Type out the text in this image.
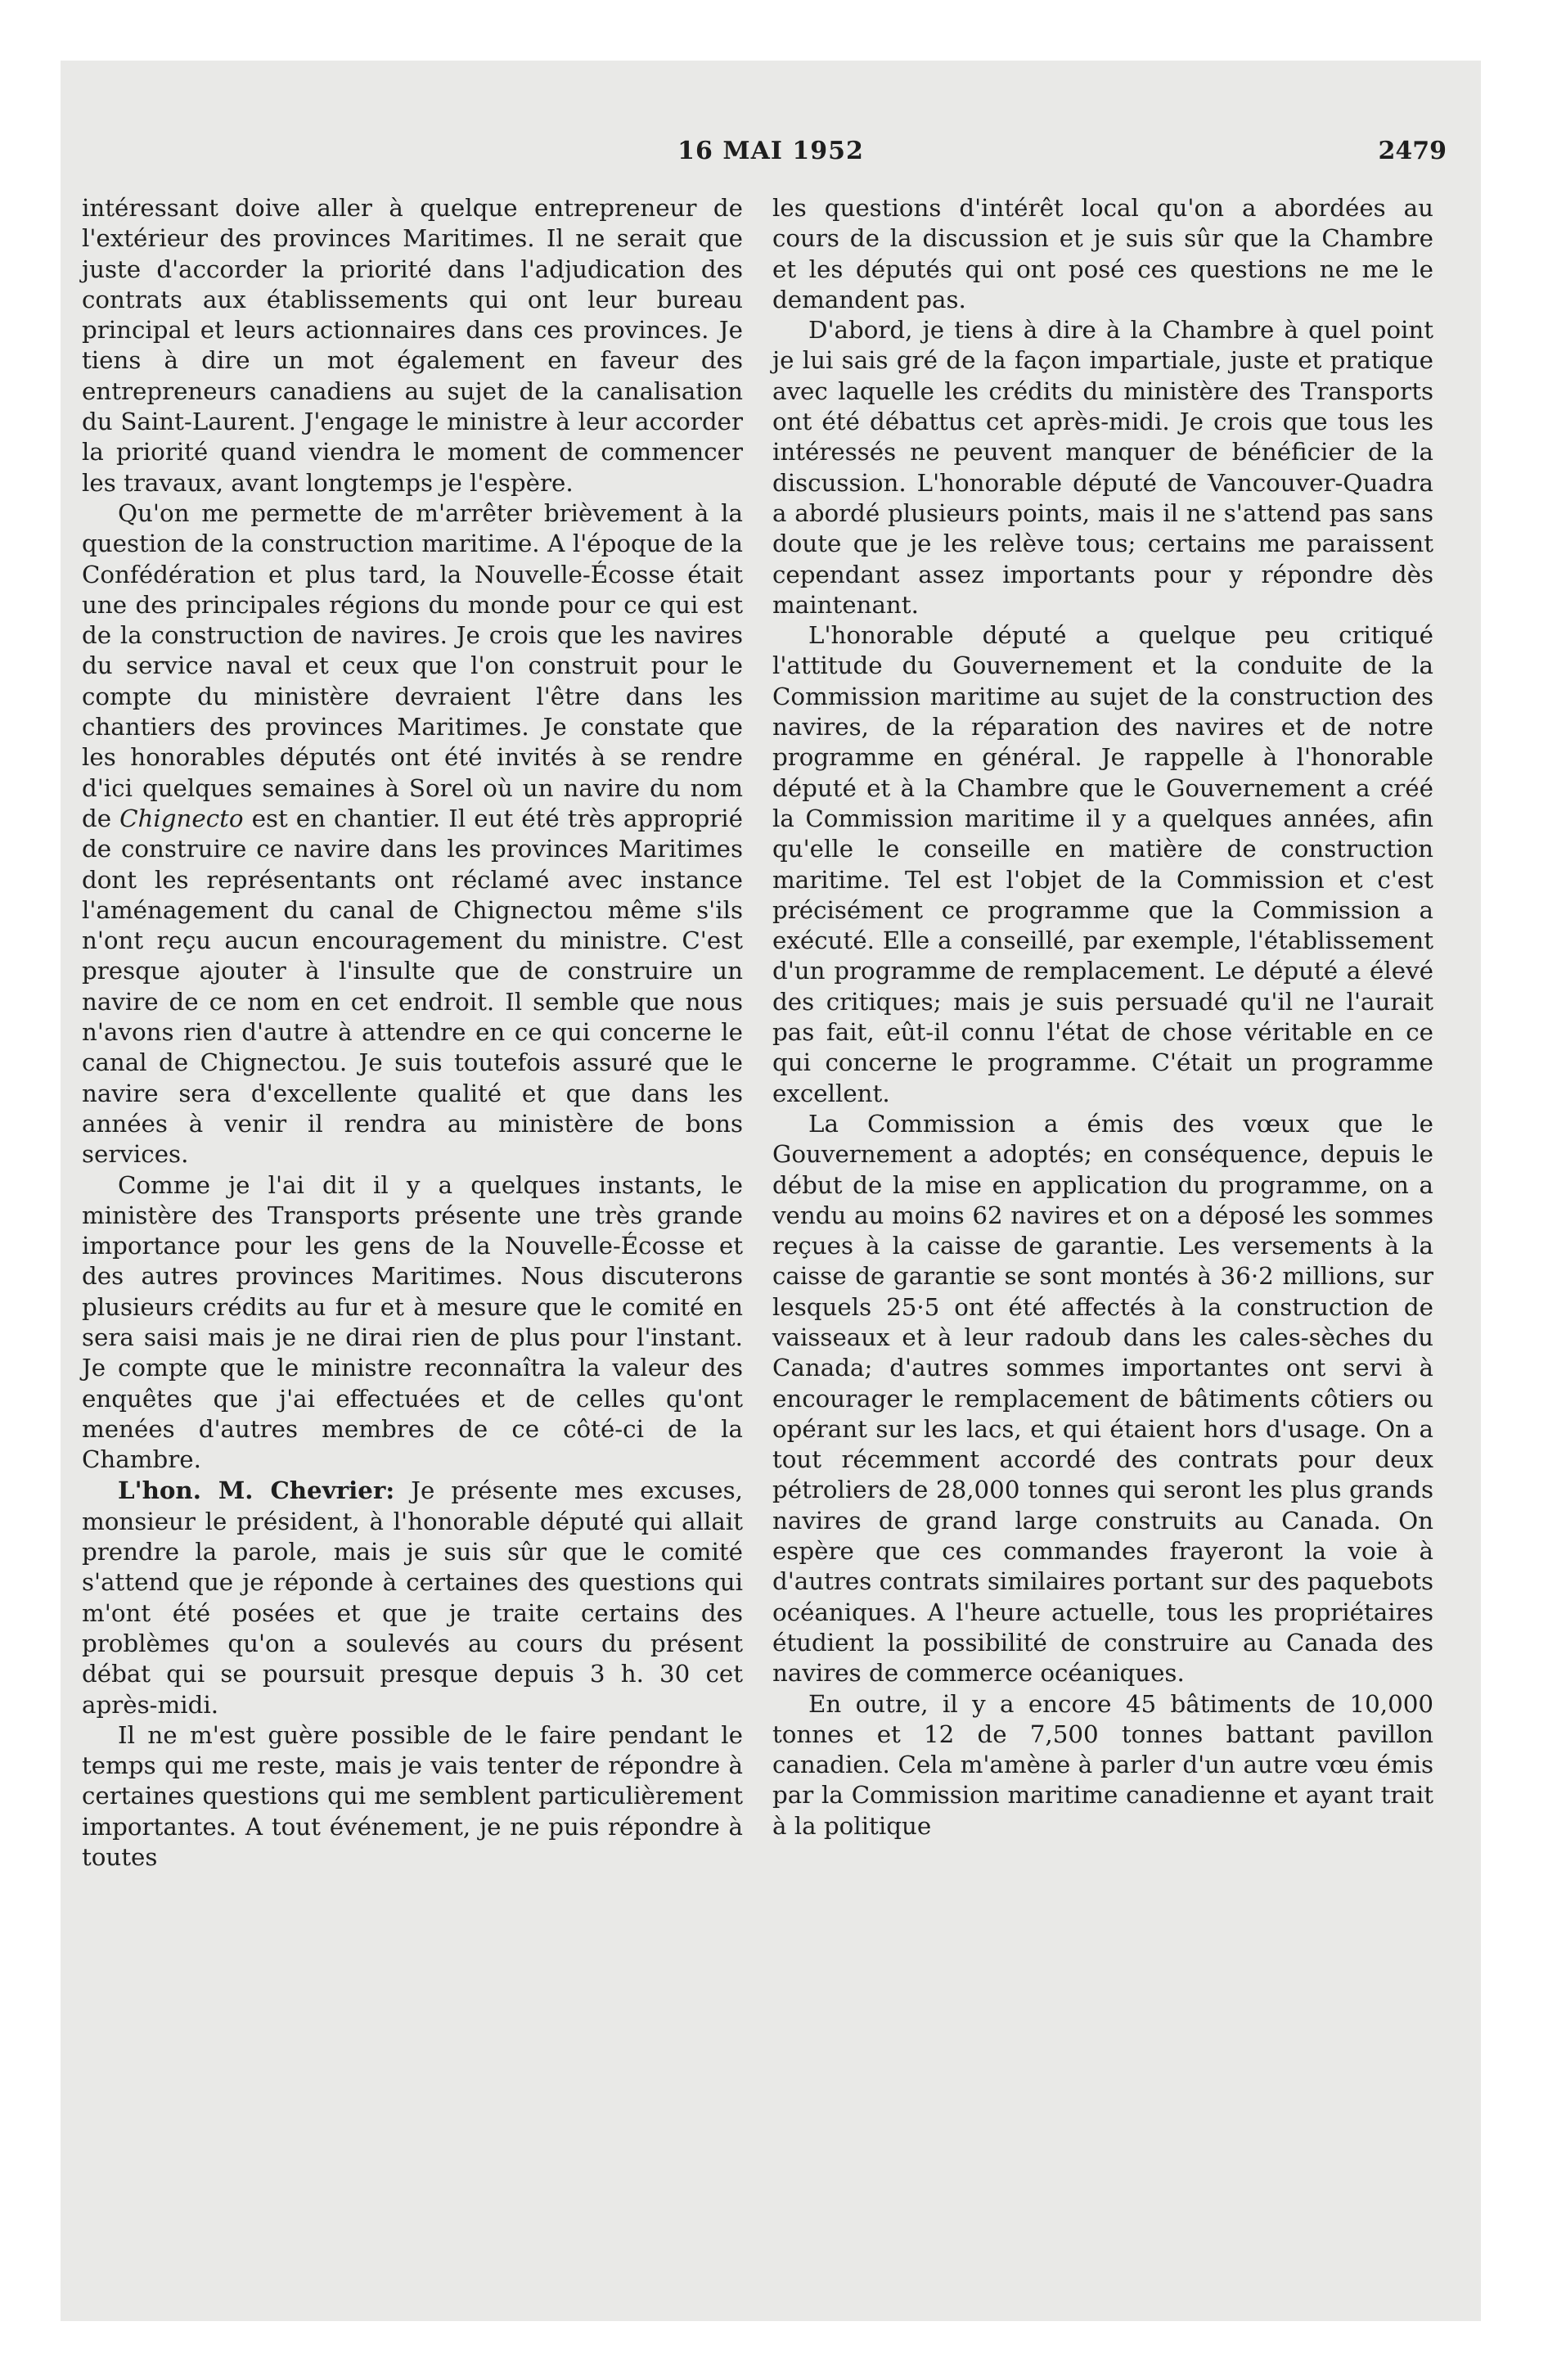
16 MAI 1952	2479

intéressant doive aller à quelque entrepreneur de l'extérieur des provinces Maritimes. Il ne serait que juste d'accorder la priorité dans l'adjudication des contrats aux établissements qui ont leur bureau principal et leurs actionnaires dans ces provinces. Je tiens à dire un mot également en faveur des entrepreneurs canadiens au sujet de la canalisation du Saint-Laurent. J'engage le ministre à leur accorder la priorité quand viendra le moment de commencer les travaux, avant longtemps je l'espère.

Qu'on me permette de m'arrêter brièvement à la question de la construction maritime. A l'époque de la Confédération et plus tard, la Nouvelle-Écosse était une des principales régions du monde pour ce qui est de la construction de navires. Je crois que les navires du service naval et ceux que l'on construit pour le compte du ministère devraient l'être dans les chantiers des provinces Maritimes. Je constate que les honorables députés ont été invités à se rendre d'ici quelques semaines à Sorel où un navire du nom de Chignecto est en chantier. Il eut été très approprié de construire ce navire dans les provinces Maritimes dont les représentants ont réclamé avec instance l'aménagement du canal de Chignectou même s'ils n'ont reçu aucun encouragement du ministre. C'est presque ajouter à l'insulte que de construire un navire de ce nom en cet endroit. Il semble que nous n'avons rien d'autre à attendre en ce qui concerne le canal de Chignectou. Je suis toutefois assuré que le navire sera d'excellente qualité et que dans les années à venir il rendra au ministère de bons services.

Comme je l'ai dit il y a quelques instants, le ministère des Transports présente une très grande importance pour les gens de la Nouvelle-Écosse et des autres provinces Maritimes. Nous discuterons plusieurs crédits au fur et à mesure que le comité en sera saisi mais je ne dirai rien de plus pour l'instant. Je compte que le ministre reconnaîtra la valeur des enquêtes que j'ai effectuées et de celles qu'ont menées d'autres membres de ce côté-ci de la Chambre.

L'hon. M. Chevrier: Je présente mes excuses, monsieur le président, à l'honorable député qui allait prendre la parole, mais je suis sûr que le comité s'attend que je réponde à certaines des questions qui m'ont été posées et que je traite certains des problèmes qu'on a soulevés au cours du présent débat qui se poursuit presque depuis 3 h. 30 cet après-midi.

Il ne m'est guère possible de le faire pendant le temps qui me reste, mais je vais tenter de répondre à certaines questions qui me semblent particulièrement importantes. A tout événement, je ne puis répondre à toutes

les questions d'intérêt local qu'on a abordées au cours de la discussion et je suis sûr que la Chambre et les députés qui ont posé ces questions ne me le demandent pas.

D'abord, je tiens à dire à la Chambre à quel point je lui sais gré de la façon impartiale, juste et pratique avec laquelle les crédits du ministère des Transports ont été débattus cet après-midi. Je crois que tous les intéressés ne peuvent manquer de bénéficier de la discussion. L'honorable député de Vancouver-Quadra a abordé plusieurs points, mais il ne s'attend pas sans doute que je les relève tous; certains me paraissent cependant assez importants pour y répondre dès maintenant.

L'honorable député a quelque peu critiqué l'attitude du Gouvernement et la conduite de la Commission maritime au sujet de la construction des navires, de la réparation des navires et de notre programme en général. Je rappelle à l'honorable député et à la Chambre que le Gouvernement a créé la Commission maritime il y a quelques années, afin qu'elle le conseille en matière de construction maritime. Tel est l'objet de la Commission et c'est précisément ce programme que la Commission a exécuté. Elle a conseillé, par exemple, l'établissement d'un programme de remplacement. Le député a élevé des critiques; mais je suis persuadé qu'il ne l'aurait pas fait, eût-il connu l'état de chose véritable en ce qui concerne le programme. C'était un programme excellent.

La Commission a émis des vœux que le Gouvernement a adoptés; en conséquence, depuis le début de la mise en application du programme, on a vendu au moins 62 navires et on a déposé les sommes reçues à la caisse de garantie. Les versements à la caisse de garantie se sont montés à 36·2 millions, sur lesquels 25·5 ont été affectés à la construction de vaisseaux et à leur radoub dans les cales-sèches du Canada; d'autres sommes importantes ont servi à encourager le remplacement de bâtiments côtiers ou opérant sur les lacs, et qui étaient hors d'usage. On a tout récemment accordé des contrats pour deux pétroliers de 28,000 tonnes qui seront les plus grands navires de grand large construits au Canada. On espère que ces commandes frayeront la voie à d'autres contrats similaires portant sur des paquebots océaniques. A l'heure actuelle, tous les propriétaires étudient la possibilité de construire au Canada des navires de commerce océaniques.

En outre, il y a encore 45 bâtiments de 10,000 tonnes et 12 de 7,500 tonnes battant pavillon canadien. Cela m'amène à parler d'un autre vœu émis par la Commission maritime canadienne et ayant trait à la politique
